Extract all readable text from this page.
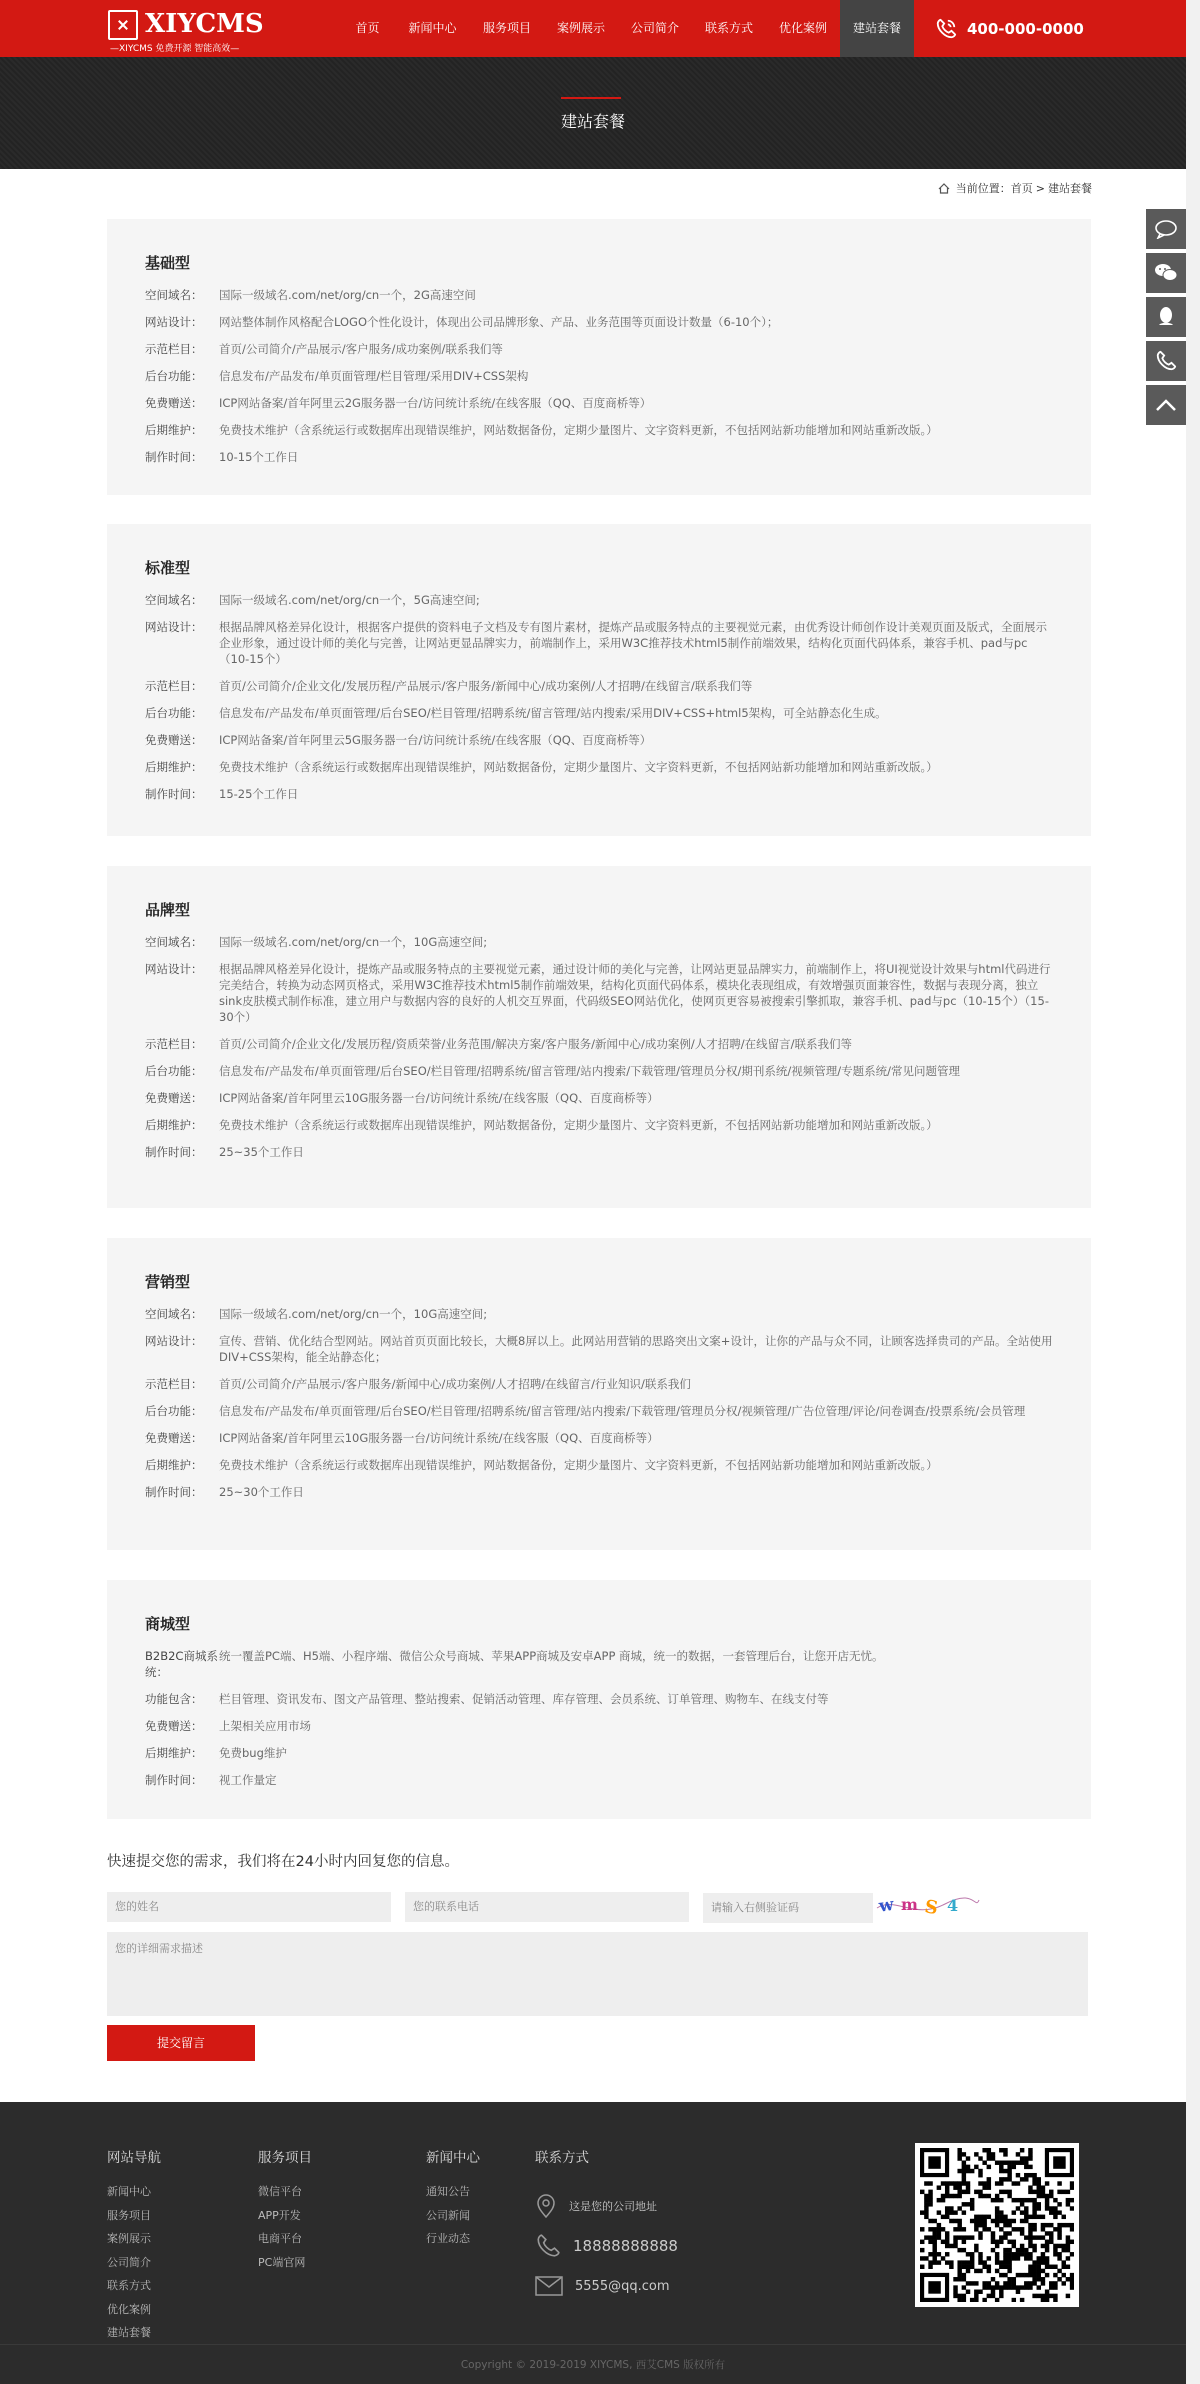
XIYCMS
—XIYCMS 免费开源 智能高效—
首页	新闻中心	服务项目	案例展示	公司简介	联系方式	优化案例	建站套餐	400-000-0000
建站套餐
当前位置： 首页 > 建站套餐
基础型
空间域名：	国际一级域名.com/net/org/cn一个，2G高速空间
网站设计：	网站整体制作风格配合LOGO个性化设计，体现出公司品牌形象、产品、业务范围等页面设计数量（6-10个）；
示范栏目：	首页/公司简介/产品展示/客户服务/成功案例/联系我们等
后台功能：	信息发布/产品发布/单页面管理/栏目管理/采用DIV+CSS架构
免费赠送：	ICP网站备案/首年阿里云2G服务器一台/访问统计系统/在线客服（QQ、百度商桥等）
后期维护：	免费技术维护（含系统运行或数据库出现错误维护，网站数据备份，定期少量图片、文字资料更新，不包括网站新功能增加和网站重新改版。）
制作时间：	10-15个工作日
标准型
空间域名：	国际一级域名.com/net/org/cn一个，5G高速空间;
网站设计：	根据品牌风格差异化设计，根据客户提供的资料电子文档及专有图片素材，提炼产品或服务特点的主要视觉元素，由优秀设计师创作设计美观页面及版式，全面展示企业形象，通过设计师的美化与完善，让网站更显品牌实力，前端制作上，采用W3C推荐技术html5制作前端效果，结构化页面代码体系，兼容手机、pad与pc（10-15个）
示范栏目：	首页/公司简介/企业文化/发展历程/产品展示/客户服务/新闻中心/成功案例/人才招聘/在线留言/联系我们等
后台功能：	信息发布/产品发布/单页面管理/后台SEO/栏目管理/招聘系统/留言管理/站内搜索/采用DIV+CSS+html5架构，可全站静态化生成。
免费赠送：	ICP网站备案/首年阿里云5G服务器一台/访问统计系统/在线客服（QQ、百度商桥等）
后期维护：	免费技术维护（含系统运行或数据库出现错误维护，网站数据备份，定期少量图片、文字资料更新，不包括网站新功能增加和网站重新改版。）
制作时间：	15-25个工作日
品牌型
空间域名：	国际一级域名.com/net/org/cn一个，10G高速空间;
网站设计：	根据品牌风格差异化设计，提炼产品或服务特点的主要视觉元素，通过设计师的美化与完善，让网站更显品牌实力，前端制作上，将UI视觉设计效果与html代码进行完美结合，转换为动态网页格式，采用W3C推荐技术html5制作前端效果，结构化页面代码体系，模块化表现组成，有效增强页面兼容性，数据与表现分离，独立sink皮肤模式制作标准，建立用户与数据内容的良好的人机交互界面，代码级SEO网站优化，使网页更容易被搜索引擎抓取，兼容手机、pad与pc（10-15个）（15-30个）
示范栏目：	首页/公司简介/企业文化/发展历程/资质荣誉/业务范围/解决方案/客户服务/新闻中心/成功案例/人才招聘/在线留言/联系我们等
后台功能：	信息发布/产品发布/单页面管理/后台SEO/栏目管理/招聘系统/留言管理/站内搜索/下载管理/管理员分权/期刊系统/视频管理/专题系统/常见问题管理
免费赠送：	ICP网站备案/首年阿里云10G服务器一台/访问统计系统/在线客服（QQ、百度商桥等）
后期维护：	免费技术维护（含系统运行或数据库出现错误维护，网站数据备份，定期少量图片、文字资料更新，不包括网站新功能增加和网站重新改版。）
制作时间：	25~35个工作日
营销型
空间域名：	国际一级域名.com/net/org/cn一个，10G高速空间;
网站设计：	宣传、营销、优化结合型网站。网站首页页面比较长，大概8屏以上。此网站用营销的思路突出文案+设计，让你的产品与众不同，让顾客选择贵司的产品。全站使用DIV+CSS架构，能全站静态化；
示范栏目：	首页/公司简介/产品展示/客户服务/新闻中心/成功案例/人才招聘/在线留言/行业知识/联系我们
后台功能：	信息发布/产品发布/单页面管理/后台SEO/栏目管理/招聘系统/留言管理/站内搜索/下载管理/管理员分权/视频管理/广告位管理/评论/问卷调查/投票系统/会员管理
免费赠送：	ICP网站备案/首年阿里云10G服务器一台/访问统计系统/在线客服（QQ、百度商桥等）
后期维护：	免费技术维护（含系统运行或数据库出现错误维护，网站数据备份，定期少量图片、文字资料更新，不包括网站新功能增加和网站重新改版。）
制作时间：	25~30个工作日
商城型
B2B2C商城系统：
统一覆盖PC端、H5端、小程序端、微信公众号商城、苹果APP商城及安卓APP 商城，统一的数据，一套管理后台，让您开店无忧。
功能包含：	栏目管理、资讯发布、图文产品管理、整站搜索、促销活动管理、库存管理、会员系统、订单管理、购物车、在线支付等
免费赠送：	上架相关应用市场
后期维护：	免费bug维护
制作时间：	视工作量定
快速提交您的需求，我们将在24小时内回复您的信息。
您的姓名	您的联系电话	请输入右侧验证码	w m S 4
您的详细需求描述
提交留言
网站导航
新闻中心
服务项目
案例展示
公司简介
联系方式
优化案例
建站套餐
服务项目
微信平台
APP开发
电商平台
PC端官网
新闻中心
通知公告
公司新闻
行业动态
联系方式
这是您的公司地址
18888888888
5555@qq.com
Copyright © 2019-2019 XIYCMS, 西艾CMS 版权所有
